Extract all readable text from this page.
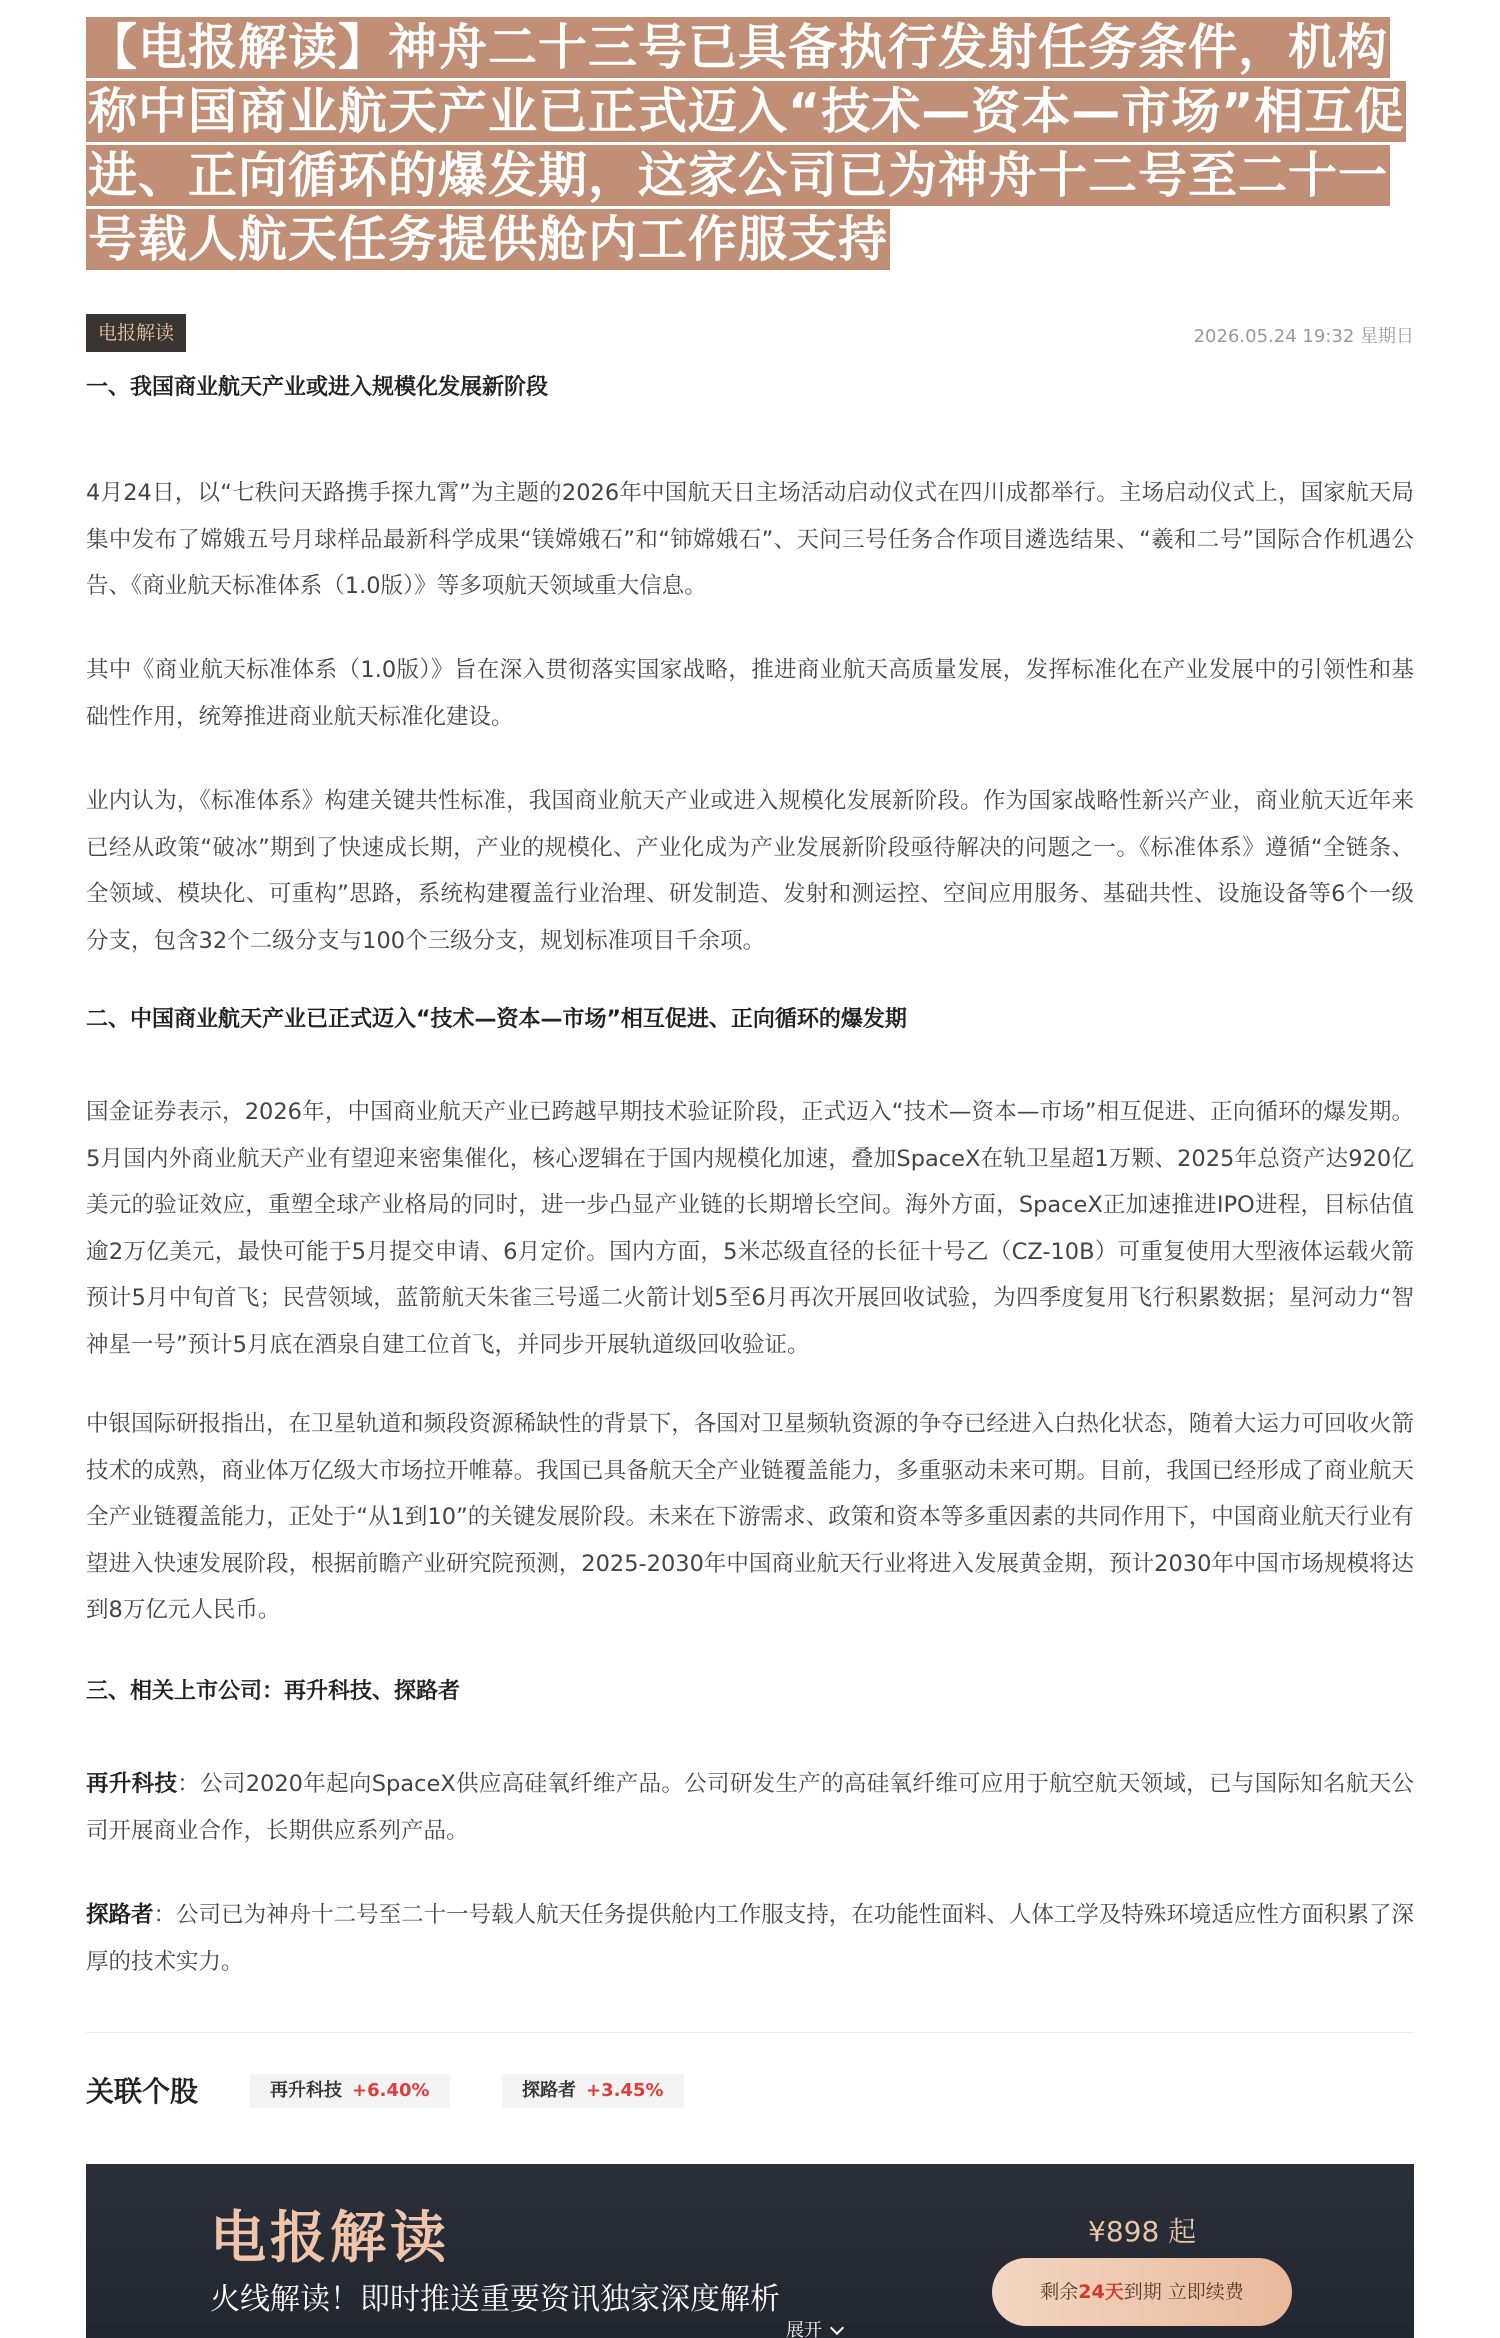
【电报解读】神舟二十三号已具备执行发射任务条件，机构称中国商业航天产业已正式迈入“技术—资本—市场”相互促进、正向循环的爆发期，这家公司已为神舟十二号至二十一号载人航天任务提供舱内工作服支持
电报解读	2026.05.24 19:32 星期日
一、我国商业航天产业或进入规模化发展新阶段

4月24日，以“七秩问天路携手探九霄”为主题的2026年中国航天日主场活动启动仪式在四川成都举行。主场启动仪式上，国家航天局集中发布了嫦娥五号月球样品最新科学成果“镁嫦娥石”和“铈嫦娥石”、天问三号任务合作项目遴选结果、“羲和二号”国际合作机遇公告、《商业航天标准体系（1.0版）》等多项航天领域重大信息。

其中《商业航天标准体系（1.0版）》旨在深入贯彻落实国家战略，推进商业航天高质量发展，发挥标准化在产业发展中的引领性和基础性作用，统筹推进商业航天标准化建设。

业内认为，《标准体系》构建关键共性标准，我国商业航天产业或进入规模化发展新阶段。作为国家战略性新兴产业，商业航天近年来已经从政策“破冰”期到了快速成长期，产业的规模化、产业化成为产业发展新阶段亟待解决的问题之一。《标准体系》遵循“全链条、全领域、模块化、可重构”思路，系统构建覆盖行业治理、研发制造、发射和测运控、空间应用服务、基础共性、设施设备等6个一级分支，包含32个二级分支与100个三级分支，规划标准项目千余项。

二、中国商业航天产业已正式迈入“技术—资本—市场”相互促进、正向循环的爆发期

国金证券表示，2026年，中国商业航天产业已跨越早期技术验证阶段，正式迈入“技术—资本—市场”相互促进、正向循环的爆发期。5月国内外商业航天产业有望迎来密集催化，核心逻辑在于国内规模化加速，叠加SpaceX在轨卫星超1万颗、2025年总资产达920亿美元的验证效应，重塑全球产业格局的同时，进一步凸显产业链的长期增长空间。海外方面，SpaceX正加速推进IPO进程，目标估值逾2万亿美元，最快可能于5月提交申请、6月定价。国内方面，5米芯级直径的长征十号乙（CZ-10B）可重复使用大型液体运载火箭预计5月中旬首飞；民营领域，蓝箭航天朱雀三号遥二火箭计划5至6月再次开展回收试验，为四季度复用飞行积累数据；星河动力“智神星一号”预计5月底在酒泉自建工位首飞，并同步开展轨道级回收验证。

中银国际研报指出，在卫星轨道和频段资源稀缺性的背景下，各国对卫星频轨资源的争夺已经进入白热化状态，随着大运力可回收火箭技术的成熟，商业体万亿级大市场拉开帷幕。我国已具备航天全产业链覆盖能力，多重驱动未来可期。目前，我国已经形成了商业航天全产业链覆盖能力，正处于“从1到10”的关键发展阶段。未来在下游需求、政策和资本等多重因素的共同作用下，中国商业航天行业有望进入快速发展阶段，根据前瞻产业研究院预测，2025-2030年中国商业航天行业将进入发展黄金期，预计2030年中国市场规模将达到8万亿元人民币。

三、相关上市公司：再升科技、探路者

再升科技：公司2020年起向SpaceX供应高硅氧纤维产品。公司研发生产的高硅氧纤维可应用于航空航天领域，已与国际知名航天公司开展商业合作，长期供应系列产品。

探路者：公司已为神舟十二号至二十一号载人航天任务提供舱内工作服支持，在功能性面料、人体工学及特殊环境适应性方面积累了深厚的技术实力。

关联个股	再升科技 +6.40%	探路者 +3.45%
电报解读
火线解读！即时推送重要资讯独家深度解析
¥898 起
剩余24天到期 立即续费
展开
